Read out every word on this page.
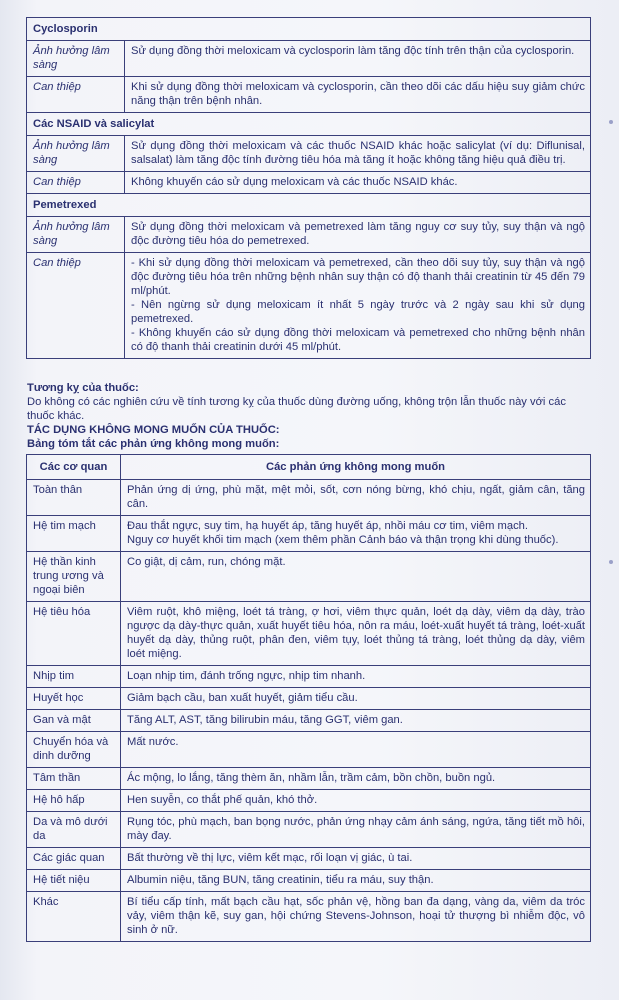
Cyclosporin	
Ảnh hưởng lâm sàng	Sử dụng đồng thời meloxicam và cyclosporin làm tăng độc tính trên thận của cyclosporin.
Can thiệp	Khi sử dụng đồng thời meloxicam và cyclosporin, cần theo dõi các dấu hiệu suy giảm chức năng thận trên bệnh nhân.
Các NSAID và salicylat	
Ảnh hưởng lâm sàng	Sử dụng đồng thời meloxicam và các thuốc NSAID khác hoặc salicylat (ví dụ: Diflunisal, salsalat) làm tăng độc tính đường tiêu hóa mà tăng ít hoặc không tăng hiệu quả điều trị.
Can thiệp	Không khuyến cáo sử dụng meloxicam và các thuốc NSAID khác.
Pemetrexed	
Ảnh hưởng lâm sàng	Sử dụng đồng thời meloxicam và pemetrexed làm tăng nguy cơ suy tủy, suy thận và ngộ độc đường tiêu hóa do pemetrexed.
Can thiệp	- Khi sử dụng đồng thời meloxicam và pemetrexed, cần theo dõi suy tủy, suy thận và ngộ độc đường tiêu hóa trên những bệnh nhân suy thận có độ thanh thải creatinin từ 45 đến 79 ml/phút.
- Nên ngừng sử dụng meloxicam ít nhất 5 ngày trước và 2 ngày sau khi sử dụng pemetrexed.
- Không khuyến cáo sử dụng đồng thời meloxicam và pemetrexed cho những bệnh nhân có độ thanh thải creatinin dưới 45 ml/phút.

Tương kỵ của thuốc:

Do không có các nghiên cứu về tính tương kỵ của thuốc dùng đường uống, không trộn lẫn thuốc này với các thuốc khác.

TÁC DỤNG KHÔNG MONG MUỐN CỦA THUỐC:

Bảng tóm tắt các phản ứng không mong muốn:

Các cơ quan	Các phản ứng không mong muốn
Toàn thân	Phản ứng dị ứng, phù mặt, mệt mỏi, sốt, cơn nóng bừng, khó chịu, ngất, giảm cân, tăng cân.
Hệ tim mạch	Đau thắt ngực, suy tim, hạ huyết áp, tăng huyết áp, nhồi máu cơ tim, viêm mạch.
Nguy cơ huyết khối tim mạch (xem thêm phần Cảnh báo và thận trọng khi dùng thuốc).

Hệ thần kinh trung ương và ngoại biên	Co giật, dị cảm, run, chóng mặt.
Hệ tiêu hóa	Viêm ruột, khô miệng, loét tá tràng, ợ hơi, viêm thực quản, loét dạ dày, viêm dạ dày, trào ngược dạ dày-thực quản, xuất huyết tiêu hóa, nôn ra máu, loét-xuất huyết tá tràng, loét-xuất huyết dạ dày, thủng ruột, phân đen, viêm tụy, loét thủng tá tràng, loét thủng dạ dày, viêm loét miệng.
Nhịp tim	Loạn nhịp tim, đánh trống ngực, nhịp tim nhanh.
Huyết học	Giảm bạch cầu, ban xuất huyết, giảm tiểu cầu.
Gan và mật	Tăng ALT, AST, tăng bilirubin máu, tăng GGT, viêm gan.
Chuyển hóa và dinh dưỡng	Mất nước.
Tâm thần	Ác mộng, lo lắng, tăng thèm ăn, nhầm lẫn, trầm cảm, bồn chồn, buồn ngủ.
Hệ hô hấp	Hen suyễn, co thắt phế quản, khó thở.
Da và mô dưới da	Rụng tóc, phù mạch, ban bọng nước, phản ứng nhạy cảm ánh sáng, ngứa, tăng tiết mồ hôi, mày đay.
Các giác quan	Bất thường về thị lực, viêm kết mạc, rối loạn vị giác, ù tai.
Hệ tiết niệu	Albumin niệu, tăng BUN, tăng creatinin, tiểu ra máu, suy thận.
Khác	Bí tiểu cấp tính, mất bạch cầu hạt, sốc phản vệ, hồng ban đa dạng, vàng da, viêm da tróc vảy, viêm thận kẽ, suy gan, hội chứng Stevens-Johnson, hoại tử thượng bì nhiễm độc, vô sinh ở nữ.
